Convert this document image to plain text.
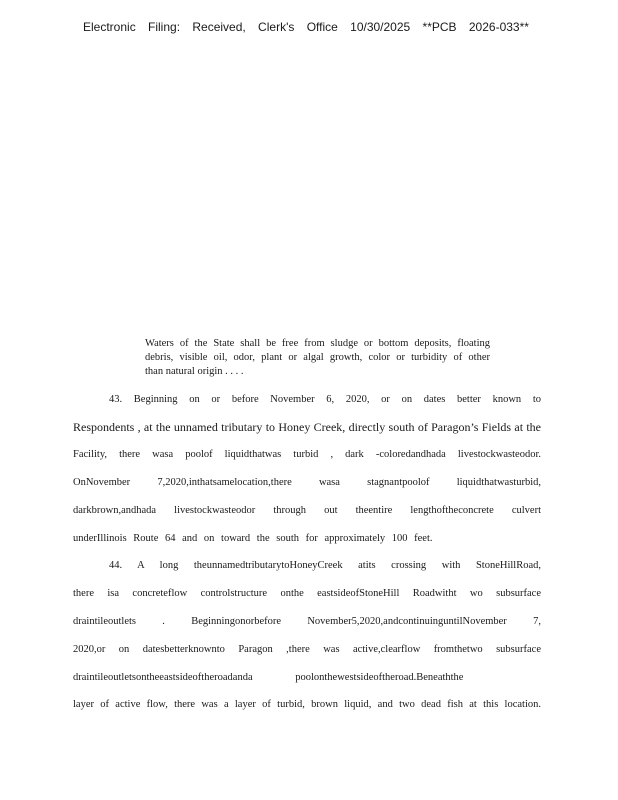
Electronic Filing: Received, Clerk's Office 10/30/2025 **PCB 2026-033**
Waters of the State shall be free from sludge or bottom deposits, floating
debris, visible oil, odor, plant or algal growth, color or turbidity of other
than natural origin . . . .
43. Beginning on or before November 6, 2020, or on dates better known to
Respondents , at the unnamed tributary to Honey Creek, directly south of Paragon’s Fields at the
Facility, there wasa poolof liquidthatwas turbid , dark -coloredandhada livestockwasteodor.
OnNovember 7,2020,inthatsamelocation,there wasa stagnantpoolof liquidthatwasturbid,
darkbrown,andhada livestockwasteodor through out theentire lengthoftheconcrete culvert
underIllinois Route 64 and on toward the south for approximately 100 feet.
44. A long theunnamedtributarytoHoneyCreek atits crossing with StoneHillRoad,
there isa concreteflow controlstructure onthe eastsideofStoneHill Roadwitht wo subsurface
draintileoutlets . Beginningonorbefore November5,2020,andcontinuinguntilNovember 7,
2020,or on datesbetterknownto Paragon ,there was active,clearflow fromthetwo subsurface
draintileoutletsontheeastsideoftheroadanda poolonthewestsideoftheroad.Beneaththe
layer of active flow, there was a layer of turbid, brown liquid, and two dead fish at this location.
